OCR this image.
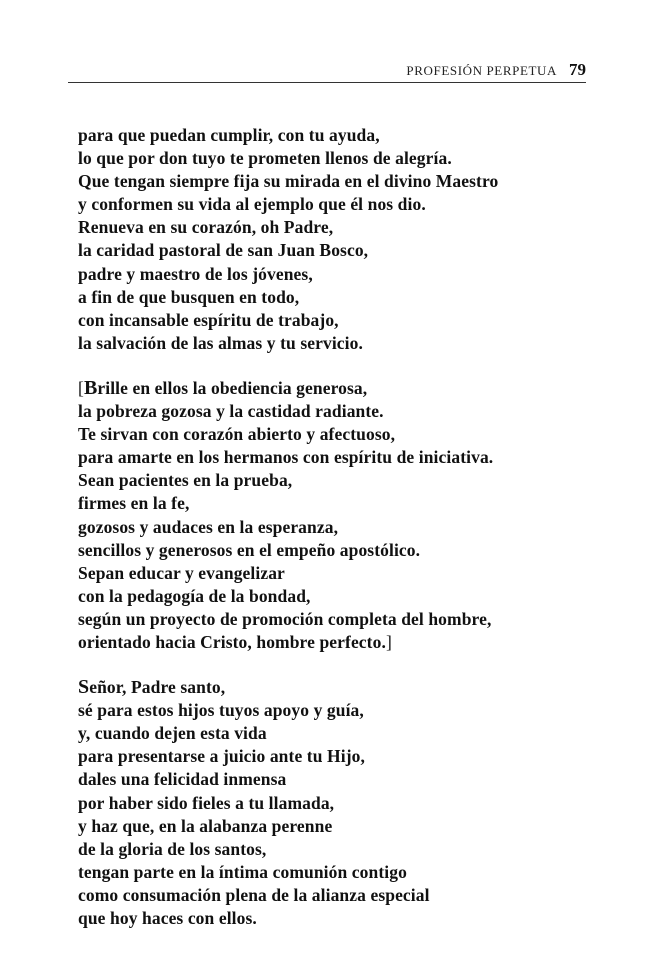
PROFESIÓN PERPETUA 79
para que puedan cumplir, con tu ayuda,
lo que por don tuyo te prometen llenos de alegría.
Que tengan siempre fija su mirada en el divino Maestro
y conformen su vida al ejemplo que él nos dio.
Renueva en su corazón, oh Padre,
la caridad pastoral de san Juan Bosco,
padre y maestro de los jóvenes,
a fin de que busquen en todo,
con incansable espíritu de trabajo,
la salvación de las almas y tu servicio.
[Brille en ellos la obediencia generosa,
la pobreza gozosa y la castidad radiante.
Te sirvan con corazón abierto y afectuoso,
para amarte en los hermanos con espíritu de iniciativa.
Sean pacientes en la prueba,
firmes en la fe,
gozosos y audaces en la esperanza,
sencillos y generosos en el empeño apostólico.
Sepan educar y evangelizar
con la pedagogía de la bondad,
según un proyecto de promoción completa del hombre,
orientado hacia Cristo, hombre perfecto.]
Señor, Padre santo,
sé para estos hijos tuyos apoyo y guía,
y, cuando dejen esta vida
para presentarse a juicio ante tu Hijo,
dales una felicidad inmensa
por haber sido fieles a tu llamada,
y haz que, en la alabanza perenne
de la gloria de los santos,
tengan parte en la íntima comunión contigo
como consumación plena de la alianza especial
que hoy haces con ellos.
